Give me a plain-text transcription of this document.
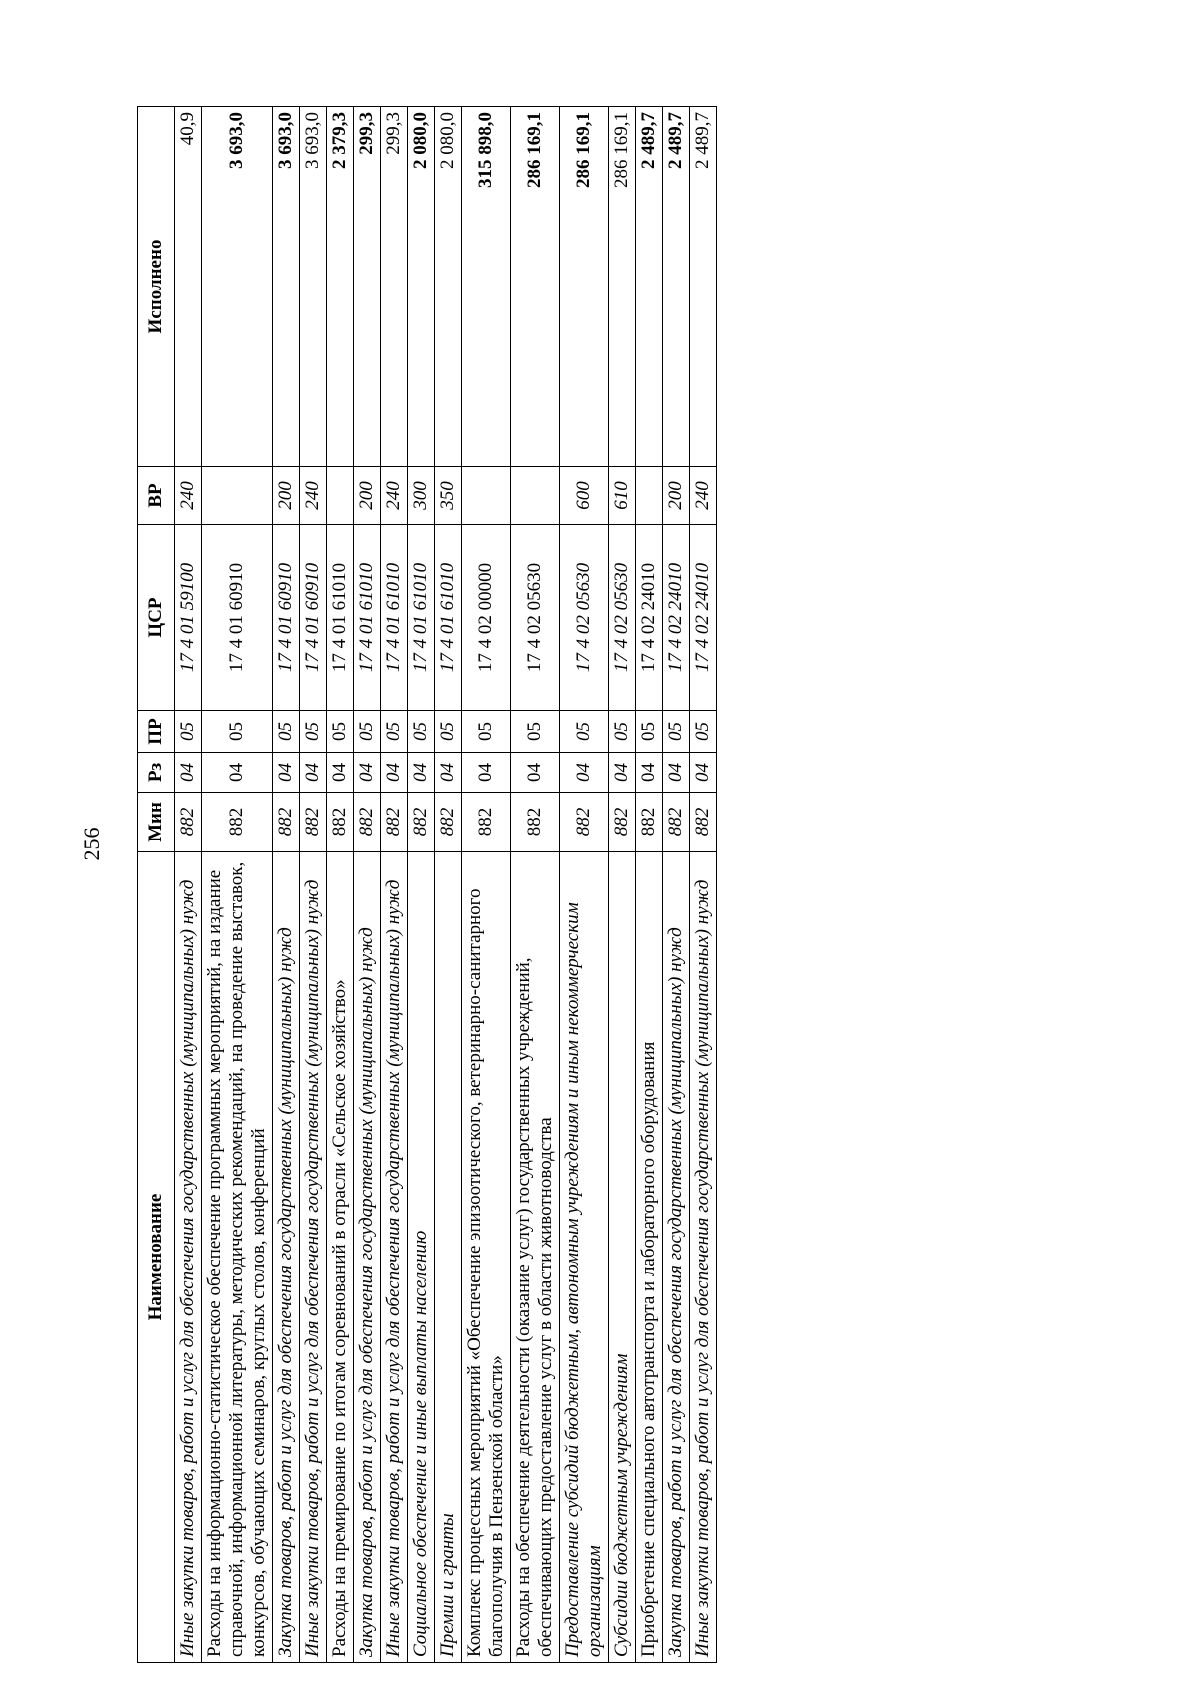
256
Наименование	Мин	Рз	ПР	ЦСР	ВР	Исполнено
Иные закупки товаров, работ и услуг для обеспечения государственных (муниципальных) нужд	882	04	05	17 4 01 59100	240	40,9
Расходы на информационно-статистическое обеспечение программных мероприятий, на издание справочной, информационной литературы, методических рекомендаций, на проведение выставок, конкурсов, обучающих семинаров, круглых столов, конференций	882	04	05	17 4 01 60910		3 693,0
Закупка товаров, работ и услуг для обеспечения государственных (муниципальных) нужд	882	04	05	17 4 01 60910	200	3 693,0
Иные закупки товаров, работ и услуг для обеспечения государственных (муниципальных) нужд	882	04	05	17 4 01 60910	240	3 693,0
Расходы на премирование по итогам соревнований в отрасли «Сельское хозяйство»	882	04	05	17 4 01 61010		2 379,3
Закупка товаров, работ и услуг для обеспечения государственных (муниципальных) нужд	882	04	05	17 4 01 61010	200	299,3
Иные закупки товаров, работ и услуг для обеспечения государственных (муниципальных) нужд	882	04	05	17 4 01 61010	240	299,3
Социальное обеспечение и иные выплаты населению	882	04	05	17 4 01 61010	300	2 080,0
Премии и гранты	882	04	05	17 4 01 61010	350	2 080,0
Комплекс процессных мероприятий «Обеспечение эпизоотического, ветеринарно-санитарного благополучия в Пензенской области»	882	04	05	17 4 02 00000		315 898,0
Расходы на обеспечение деятельности (оказание услуг) государственных учреждений, обеспечивающих предоставление услуг в области животноводства	882	04	05	17 4 02 05630		286 169,1
Предоставление субсидий бюджетным, автономным учреждениям и иным некоммерческим организациям	882	04	05	17 4 02 05630	600	286 169,1
Субсидии бюджетным учреждениям	882	04	05	17 4 02 05630	610	286 169,1
Приобретение специального автотранспорта и лабораторного оборудования	882	04	05	17 4 02 24010		2 489,7
Закупка товаров, работ и услуг для обеспечения государственных (муниципальных) нужд	882	04	05	17 4 02 24010	200	2 489,7
Иные закупки товаров, работ и услуг для обеспечения государственных (муниципальных) нужд	882	04	05	17 4 02 24010	240	2 489,7
